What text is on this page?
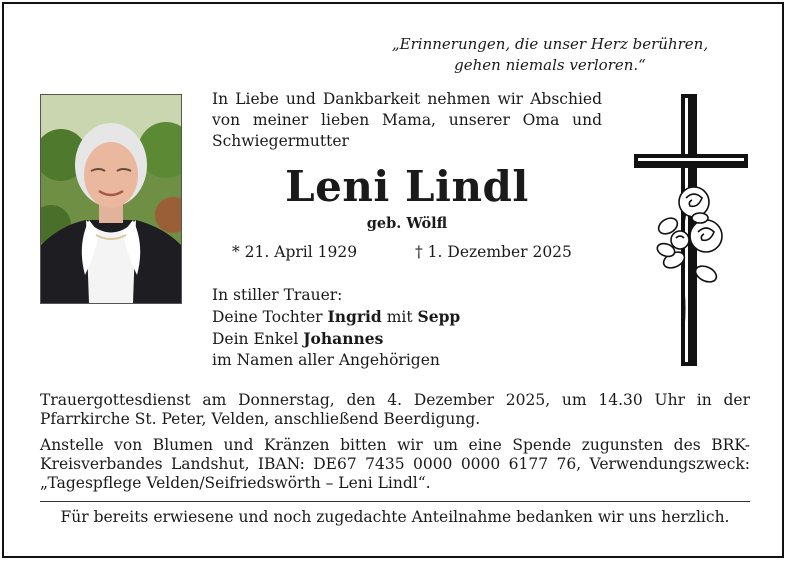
„Erinnerungen, die unser Herz berühren,
gehen niemals verloren.“
In Liebe und Dankbarkeit nehmen wir Abschied von meiner lieben Mama, unserer Oma und Schwiegermutter
Leni Lindl
geb. Wölfl
* 21. April 1929	† 1. Dezember 2025
In stiller Trauer:
Deine Tochter Ingrid mit Sepp
Dein Enkel Johannes
im Namen aller Angehörigen
Trauergottesdienst am Donnerstag, den 4. Dezember 2025, um 14.30 Uhr in der Pfarrkirche St. Peter, Velden, anschließend Beerdigung.
Anstelle von Blumen und Kränzen bitten wir um eine Spende zugunsten des BRK-Kreisverbandes Landshut, IBAN: DE67 7435 0000 0000 6177 76, Verwendungszweck: „Tagespflege Velden/Seifriedswörth – Leni Lindl“.
Für bereits erwiesene und noch zugedachte Anteilnahme bedanken wir uns herzlich.
